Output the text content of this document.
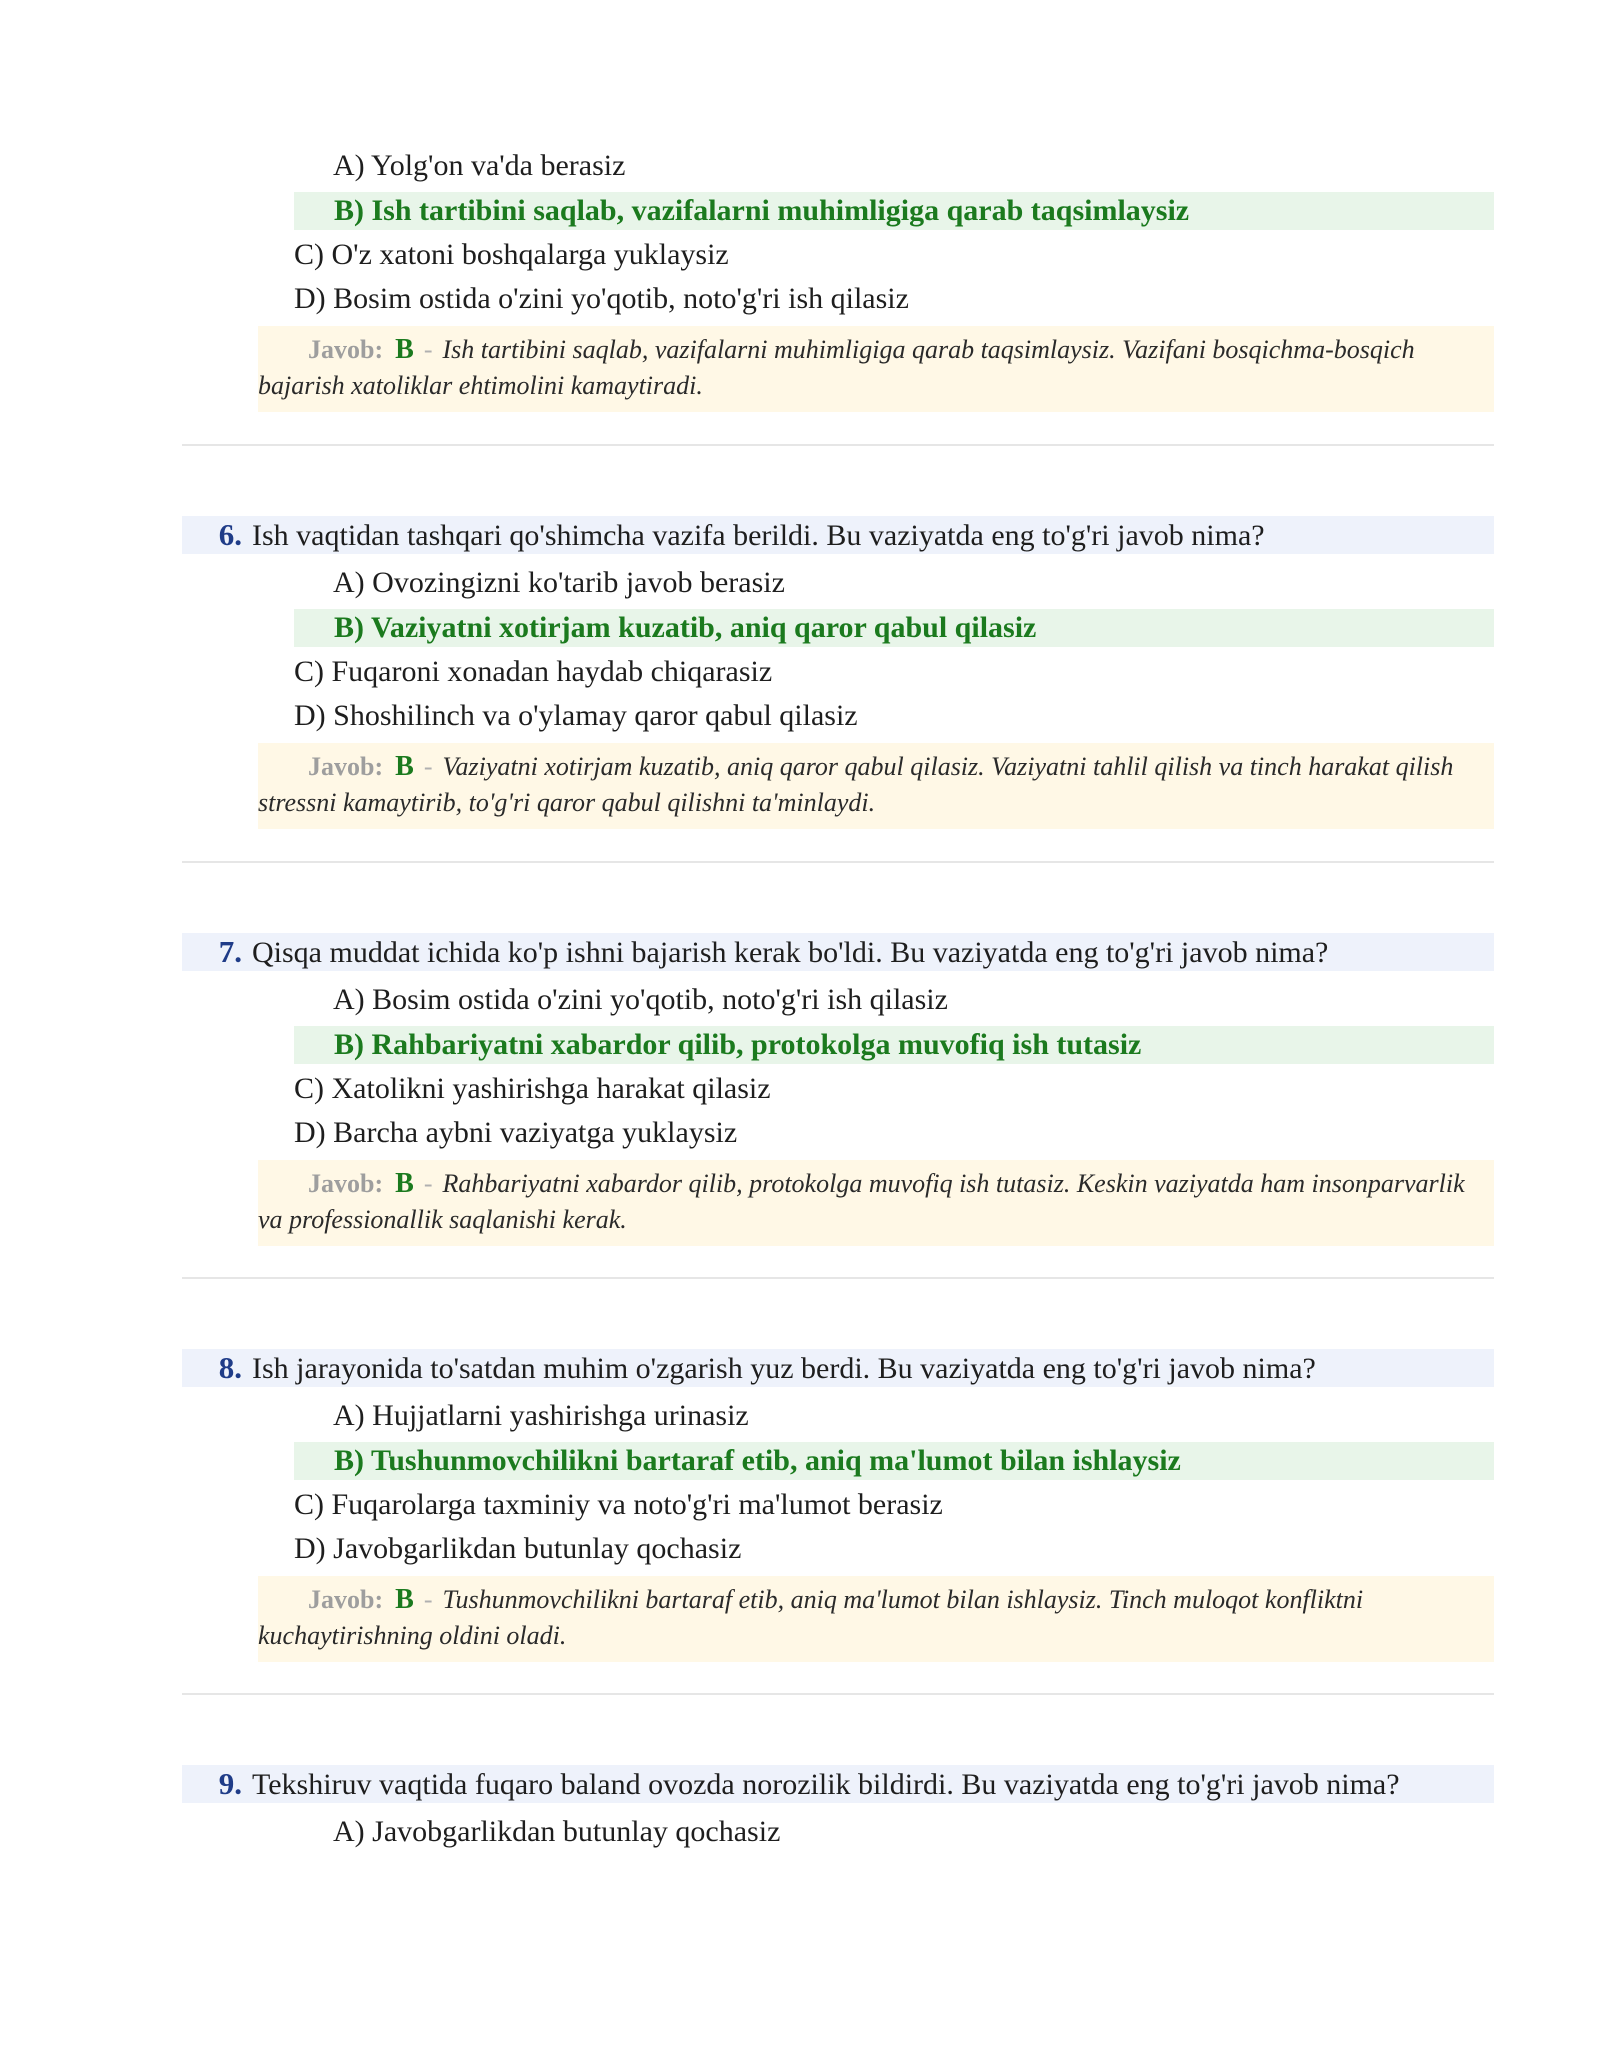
A) Yolg'on va'da berasiz
B) Ish tartibini saqlab, vazifalarni muhimligiga qarab taqsimlaysiz
C) O'z xatoni boshqalarga yuklaysiz
D) Bosim ostida o'zini yo'qotib, noto'g'ri ish qilasiz
Javob: B - Ish tartibini saqlab, vazifalarni muhimligiga qarab taqsimlaysiz. Vazifani bosqichma-bosqich bajarish xatoliklar ehtimolini kamaytiradi.
6. Ish vaqtidan tashqari qo'shimcha vazifa berildi. Bu vaziyatda eng to'g'ri javob nima?
A) Ovozingizni ko'tarib javob berasiz
B) Vaziyatni xotirjam kuzatib, aniq qaror qabul qilasiz
C) Fuqaroni xonadan haydab chiqarasiz
D) Shoshilinch va o'ylamay qaror qabul qilasiz
Javob: B - Vaziyatni xotirjam kuzatib, aniq qaror qabul qilasiz. Vaziyatni tahlil qilish va tinch harakat qilish stressni kamaytirib, to'g'ri qaror qabul qilishni ta'minlaydi.
7. Qisqa muddat ichida ko'p ishni bajarish kerak bo'ldi. Bu vaziyatda eng to'g'ri javob nima?
A) Bosim ostida o'zini yo'qotib, noto'g'ri ish qilasiz
B) Rahbariyatni xabardor qilib, protokolga muvofiq ish tutasiz
C) Xatolikni yashirishga harakat qilasiz
D) Barcha aybni vaziyatga yuklaysiz
Javob: B - Rahbariyatni xabardor qilib, protokolga muvofiq ish tutasiz. Keskin vaziyatda ham insonparvarlik va professionallik saqlanishi kerak.
8. Ish jarayonida to'satdan muhim o'zgarish yuz berdi. Bu vaziyatda eng to'g'ri javob nima?
A) Hujjatlarni yashirishga urinasiz
B) Tushunmovchilikni bartaraf etib, aniq ma'lumot bilan ishlaysiz
C) Fuqarolarga taxminiy va noto'g'ri ma'lumot berasiz
D) Javobgarlikdan butunlay qochasiz
Javob: B - Tushunmovchilikni bartaraf etib, aniq ma'lumot bilan ishlaysiz. Tinch muloqot konfliktni kuchaytirishning oldini oladi.
9. Tekshiruv vaqtida fuqaro baland ovozda norozilik bildirdi. Bu vaziyatda eng to'g'ri javob nima?
A) Javobgarlikdan butunlay qochasiz
